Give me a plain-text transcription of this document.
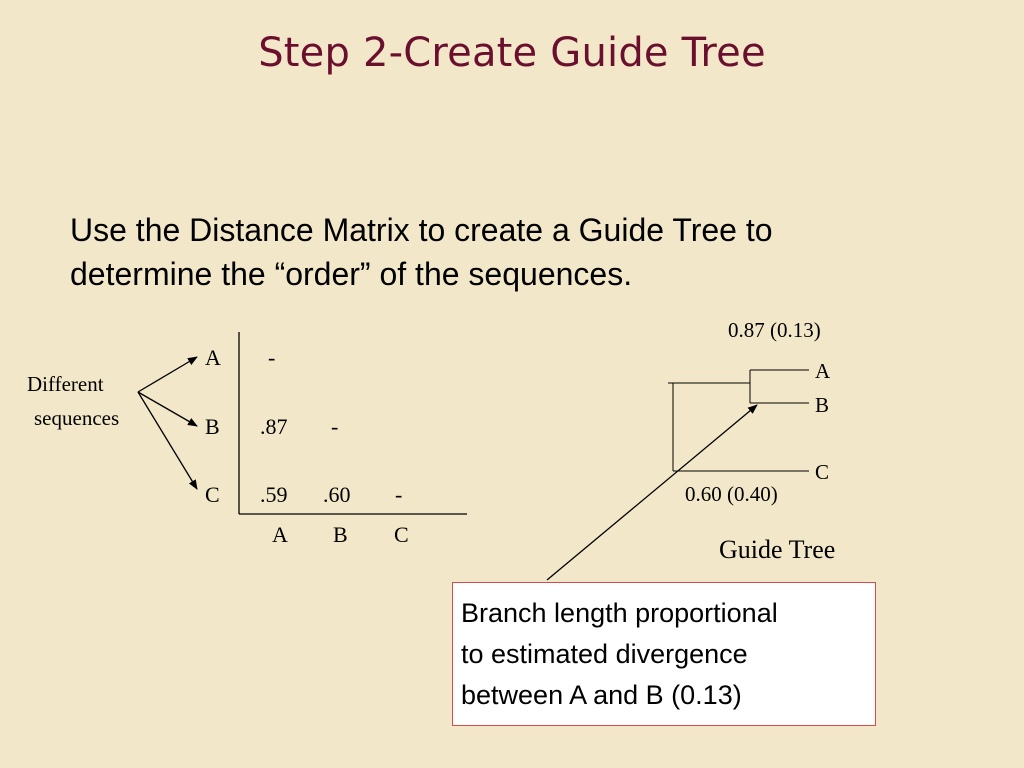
Step 2-Create Guide Tree
Use the Distance Matrix to create a Guide Tree to
determine the “order” of the sequences.
Different
sequences
A
B
C
-
.87 -
.59 .60 -
A B C
0.87 (0.13)
A
B
C
0.60 (0.40)
Guide Tree
Branch length proportional
to estimated divergence
between A and B (0.13)
